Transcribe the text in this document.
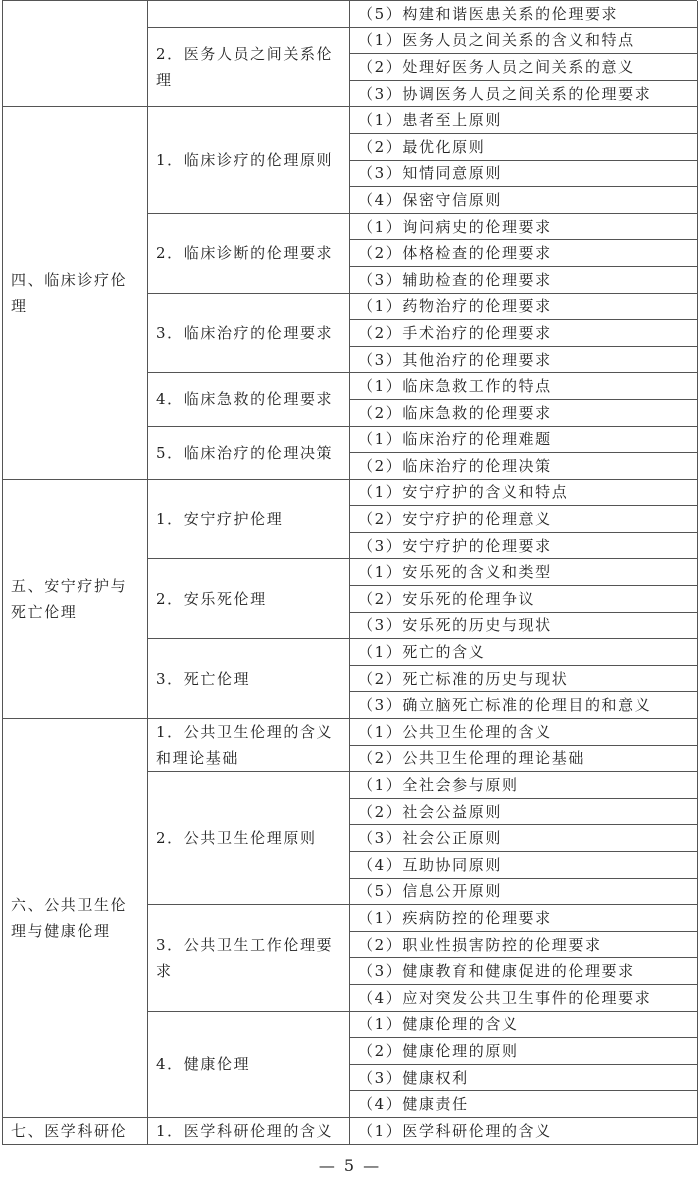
（5）构建和谐医患关系的伦理要求
2．医务人员之间关系伦理
（1）医务人员之间关系的含义和特点
（2）处理好医务人员之间关系的意义
（3）协调医务人员之间关系的伦理要求
四、临床诊疗伦理
1．临床诊疗的伦理原则
（1）患者至上原则
（2）最优化原则
（3）知情同意原则
（4）保密守信原则
2．临床诊断的伦理要求
（1）询问病史的伦理要求
（2）体格检查的伦理要求
（3）辅助检查的伦理要求
3．临床治疗的伦理要求
（1）药物治疗的伦理要求
（2）手术治疗的伦理要求
（3）其他治疗的伦理要求
4．临床急救的伦理要求
（1）临床急救工作的特点
（2）临床急救的伦理要求
5．临床治疗的伦理决策
（1）临床治疗的伦理难题
（2）临床治疗的伦理决策
五、安宁疗护与死亡伦理
1．安宁疗护伦理
（1）安宁疗护的含义和特点
（2）安宁疗护的伦理意义
（3）安宁疗护的伦理要求
2．安乐死伦理
（1）安乐死的含义和类型
（2）安乐死的伦理争议
（3）安乐死的历史与现状
3．死亡伦理
（1）死亡的含义
（2）死亡标准的历史与现状
（3）确立脑死亡标准的伦理目的和意义
六、公共卫生伦理与健康伦理
1．公共卫生伦理的含义和理论基础
（1）公共卫生伦理的含义
（2）公共卫生伦理的理论基础
2．公共卫生伦理原则
（1）全社会参与原则
（2）社会公益原则
（3）社会公正原则
（4）互助协同原则
（5）信息公开原则
3．公共卫生工作伦理要求
（1）疾病防控的伦理要求
（2）职业性损害防控的伦理要求
（3）健康教育和健康促进的伦理要求
（4）应对突发公共卫生事件的伦理要求
4．健康伦理
（1）健康伦理的含义
（2）健康伦理的原则
（3）健康权利
（4）健康责任
七、医学科研伦 1．医学科研伦理的含义 （1）医学科研伦理的含义
— 5 —
